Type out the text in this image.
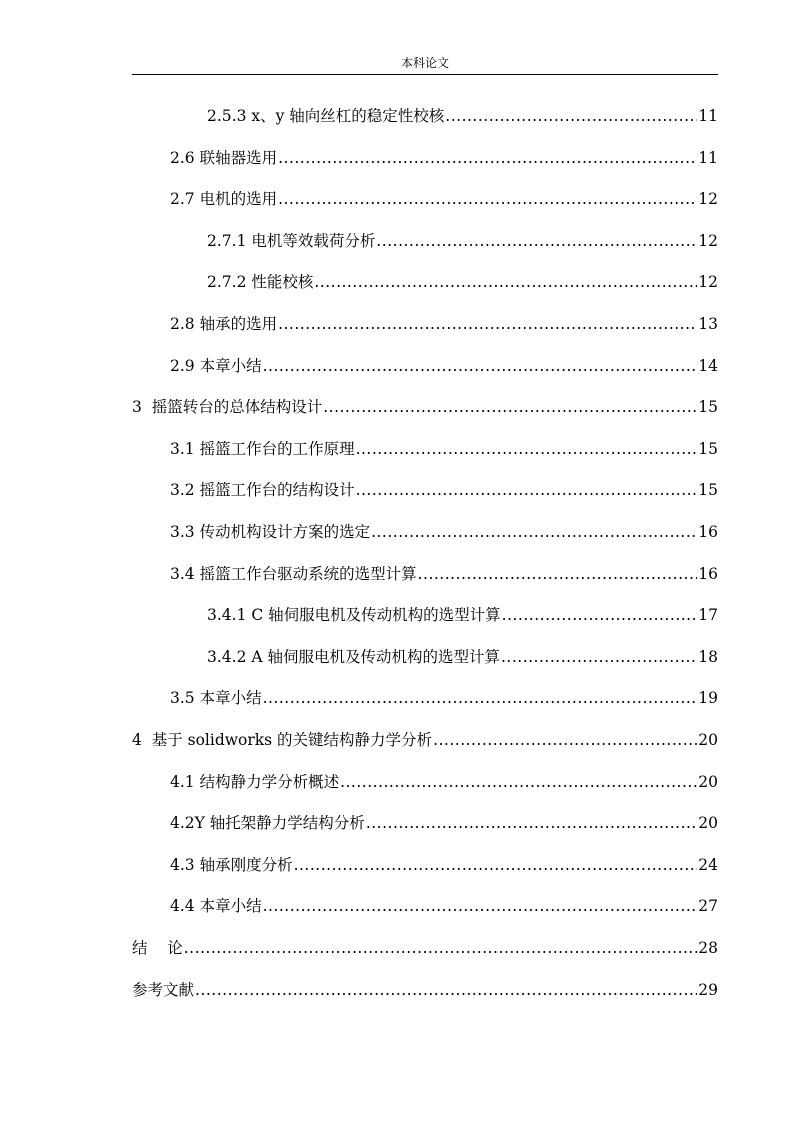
本科论文
2.5.3 x、y 轴向丝杠的稳定性校核 .....	11
2.6 联轴器选用 .....	11
2.7 电机的选用 .....	12
2.7.1 电机等效载荷分析 .....	12
2.7.2 性能校核 .....	12
2.8 轴承的选用 .....	13
2.9 本章小结 .....	14
3  摇篮转台的总体结构设计 .....	15
3.1 摇篮工作台的工作原理 .....	15
3.2 摇篮工作台的结构设计 .....	15
3.3 传动机构设计方案的选定 .....	16
3.4 摇篮工作台驱动系统的选型计算 .....	16
3.4.1 C 轴伺服电机及传动机构的选型计算 .....	17
3.4.2 A 轴伺服电机及传动机构的选型计算 .....	18
3.5 本章小结 .....	19
4  基于 solidworks 的关键结构静力学分析 .....	20
4.1 结构静力学分析概述 .....	20
4.2Y 轴托架静力学结构分析 .....	20
4.3 轴承刚度分析 .....	24
4.4 本章小结 .....	27
结    论 .....	28
参考文献 .....	29
